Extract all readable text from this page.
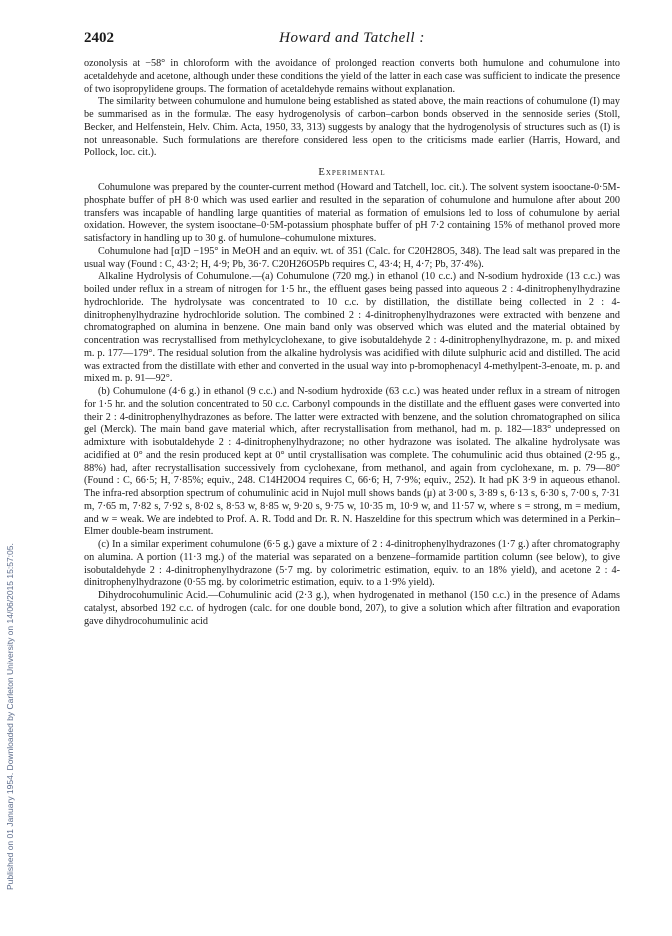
Published on 01 January 1954. Downloaded by Carleton University on 14/06/2015 15:57:05.
2402	Howard and Tatchell :

ozonolysis at −58° in chloroform with the avoidance of prolonged reaction converts both humulone and cohumulone into acetaldehyde and acetone, although under these conditions the yield of the latter in each case was sufficient to indicate the presence of two isopropylidene groups. The formation of acetaldehyde remains without explanation.

The similarity between cohumulone and humulone being established as stated above, the main reactions of cohumulone (I) may be summarised as in the formulæ. The easy hydrogenolysis of carbon–carbon bonds observed in the sennoside series (Stoll, Becker, and Helfenstein, Helv. Chim. Acta, 1950, 33, 313) suggests by analogy that the hydrogenolysis of structures such as (I) is not unreasonable. Such formulations are therefore considered less open to the criticisms made earlier (Harris, Howard, and Pollock, loc. cit.).

Experimental

Cohumulone was prepared by the counter-current method (Howard and Tatchell, loc. cit.). The solvent system isooctane-0·5M-phosphate buffer of pH 8·0 which was used earlier and resulted in the separation of cohumulone and humulone after about 200 transfers was incapable of handling large quantities of material as formation of emulsions led to loss of cohumulone by aerial oxidation. However, the system isooctane–0·5M-potassium phosphate buffer of pH 7·2 containing 15% of methanol proved more satisfactory in handling up to 30 g. of humulone–cohumulone mixtures.

Cohumulone had [α]D −195° in MeOH and an equiv. wt. of 351 (Calc. for C20H28O5, 348). The lead salt was prepared in the usual way (Found : C, 43·2; H, 4·9; Pb, 36·7. C20H26O5Pb requires C, 43·4; H, 4·7; Pb, 37·4%).

Alkaline Hydrolysis of Cohumulone.—(a) Cohumulone (720 mg.) in ethanol (10 c.c.) and N-sodium hydroxide (13 c.c.) was boiled under reflux in a stream of nitrogen for 1·5 hr., the effluent gases being passed into aqueous 2 : 4-dinitrophenylhydrazine hydrochloride. The hydrolysate was concentrated to 10 c.c. by distillation, the distillate being collected in 2 : 4-dinitrophenylhydrazine hydrochloride solution. The combined 2 : 4-dinitrophenylhydrazones were extracted with benzene and chromatographed on alumina in benzene. One main band only was observed which was eluted and the material obtained by concentration was recrystallised from methylcyclohexane, to give isobutaldehyde 2 : 4-dinitrophenylhydrazone, m. p. and mixed m. p. 177—179°. The residual solution from the alkaline hydrolysis was acidified with dilute sulphuric acid and distilled. The acid was extracted from the distillate with ether and converted in the usual way into p-bromophenacyl 4-methylpent-3-enoate, m. p. and mixed m. p. 91—92°.

(b) Cohumulone (4·6 g.) in ethanol (9 c.c.) and N-sodium hydroxide (63 c.c.) was heated under reflux in a stream of nitrogen for 1·5 hr. and the solution concentrated to 50 c.c. Carbonyl compounds in the distillate and the effluent gases were converted into their 2 : 4-dinitrophenylhydrazones as before. The latter were extracted with benzene, and the solution chromatographed on silica gel (Merck). The main band gave material which, after recrystallisation from methanol, had m. p. 182—183° undepressed on admixture with isobutaldehyde 2 : 4-dinitrophenylhydrazone; no other hydrazone was isolated. The alkaline hydrolysate was acidified at 0° and the resin produced kept at 0° until crystallisation was complete. The cohumulinic acid thus obtained (2·95 g., 88%) had, after recrystallisation successively from cyclohexane, from methanol, and again from cyclohexane, m. p. 79—80° (Found : C, 66·5; H, 7·85%; equiv., 248. C14H20O4 requires C, 66·6; H, 7·9%; equiv., 252). It had pK 3·9 in aqueous ethanol. The infra-red absorption spectrum of cohumulinic acid in Nujol mull shows bands (μ) at 3·00 s, 3·89 s, 6·13 s, 6·30 s, 7·00 s, 7·31 m, 7·65 m, 7·82 s, 7·92 s, 8·02 s, 8·53 w, 8·85 w, 9·20 s, 9·75 w, 10·35 m, 10·9 w, and 11·57 w, where s = strong, m = medium, and w = weak. We are indebted to Prof. A. R. Todd and Dr. R. N. Haszeldine for this spectrum which was determined in a Perkin–Elmer double-beam instrument.

(c) In a similar experiment cohumulone (6·5 g.) gave a mixture of 2 : 4-dinitrophenylhydrazones (1·7 g.) after chromatography on alumina. A portion (11·3 mg.) of the material was separated on a benzene–formamide partition column (see below), to give isobutaldehyde 2 : 4-dinitrophenylhydrazone (5·7 mg. by colorimetric estimation, equiv. to an 18% yield), and acetone 2 : 4-dinitrophenylhydrazone (0·55 mg. by colorimetric estimation, equiv. to a 1·9% yield).

Dihydrocohumulinic Acid.—Cohumulinic acid (2·3 g.), when hydrogenated in methanol (150 c.c.) in the presence of Adams catalyst, absorbed 192 c.c. of hydrogen (calc. for one double bond, 207), to give a solution which after filtration and evaporation gave dihydrocohumulinic acid
